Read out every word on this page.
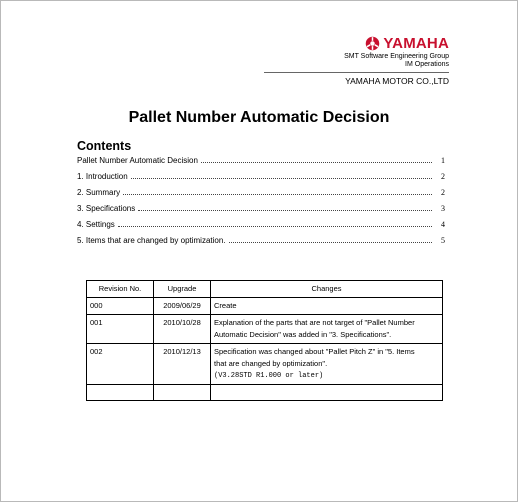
YAMAHA
SMT Software Engineering Group
IM Operations
YAMAHA MOTOR CO.,LTD
Pallet Number Automatic Decision
Contents
Pallet Number Automatic Decision	1
1. Introduction	2
2. Summary	2
3. Specifications	3
4. Settings	4
5. Items that are changed by optimization.	5
Revision No.	Upgrade	Changes
000	2009/06/29	Create

001	2010/10/28	Explanation of the parts that are not target of "Pallet Number
Automatic Decision" was added in "3. Specifications".

002	2010/12/13	Specification was changed about "Pallet Pitch Z" in "5. Items
that are changed by optimization".
(V3.28STD R1.000 or later)
